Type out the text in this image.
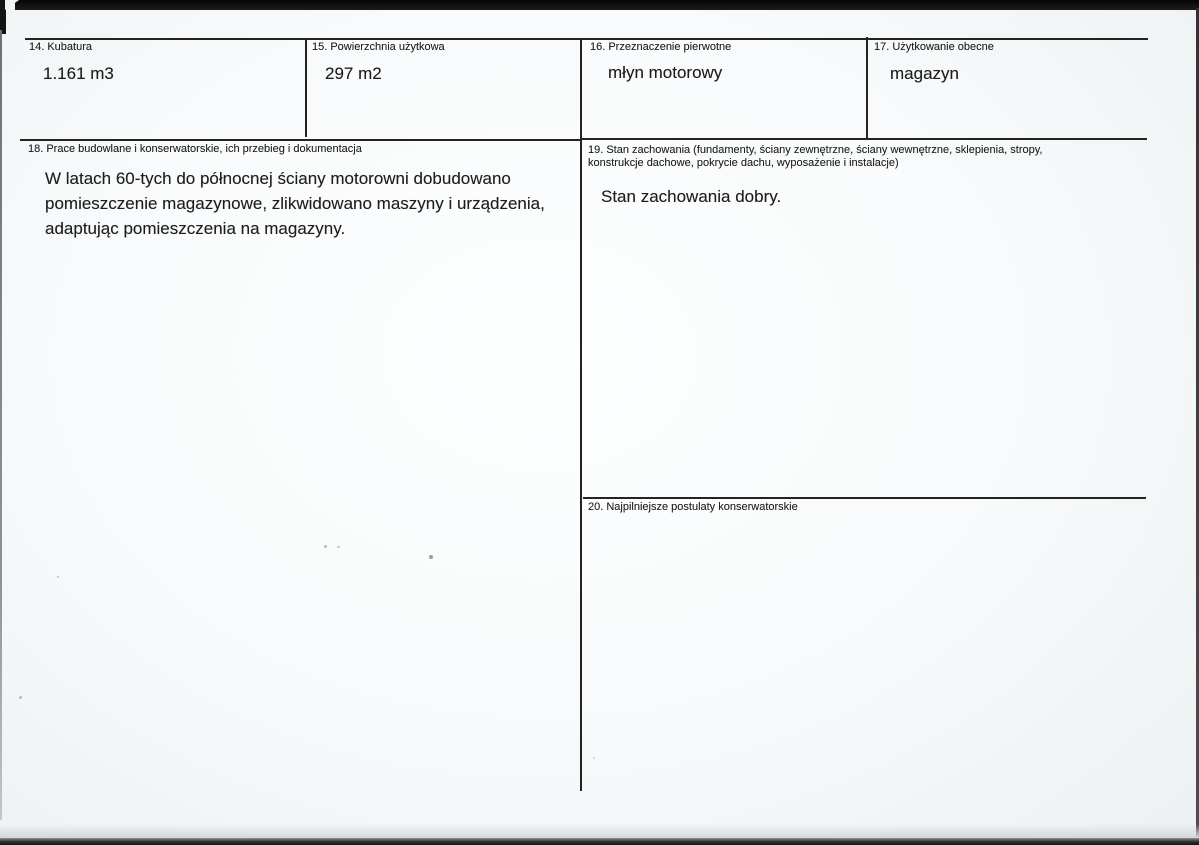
14. Kubatura
1.161 m3
15. Powierzchnia użytkowa
297 m2
16. Przeznaczenie pierwotne
młyn motorowy
17. Użytkowanie obecne
magazyn
18. Prace budowlane i konserwatorskie, ich przebieg i dokumentacja
W latach 60-tych do północnej ściany motorowni dobudowano
pomieszczenie magazynowe, zlikwidowano maszyny i urządzenia,
adaptując pomieszczenia na magazyny.
19. Stan zachowania (fundamenty, ściany zewnętrzne, ściany wewnętrzne, sklepienia, stropy,
konstrukcje dachowe, pokrycie dachu, wyposażenie i instalacje)
Stan zachowania dobry.
20. Najpilniejsze postulaty konserwatorskie
